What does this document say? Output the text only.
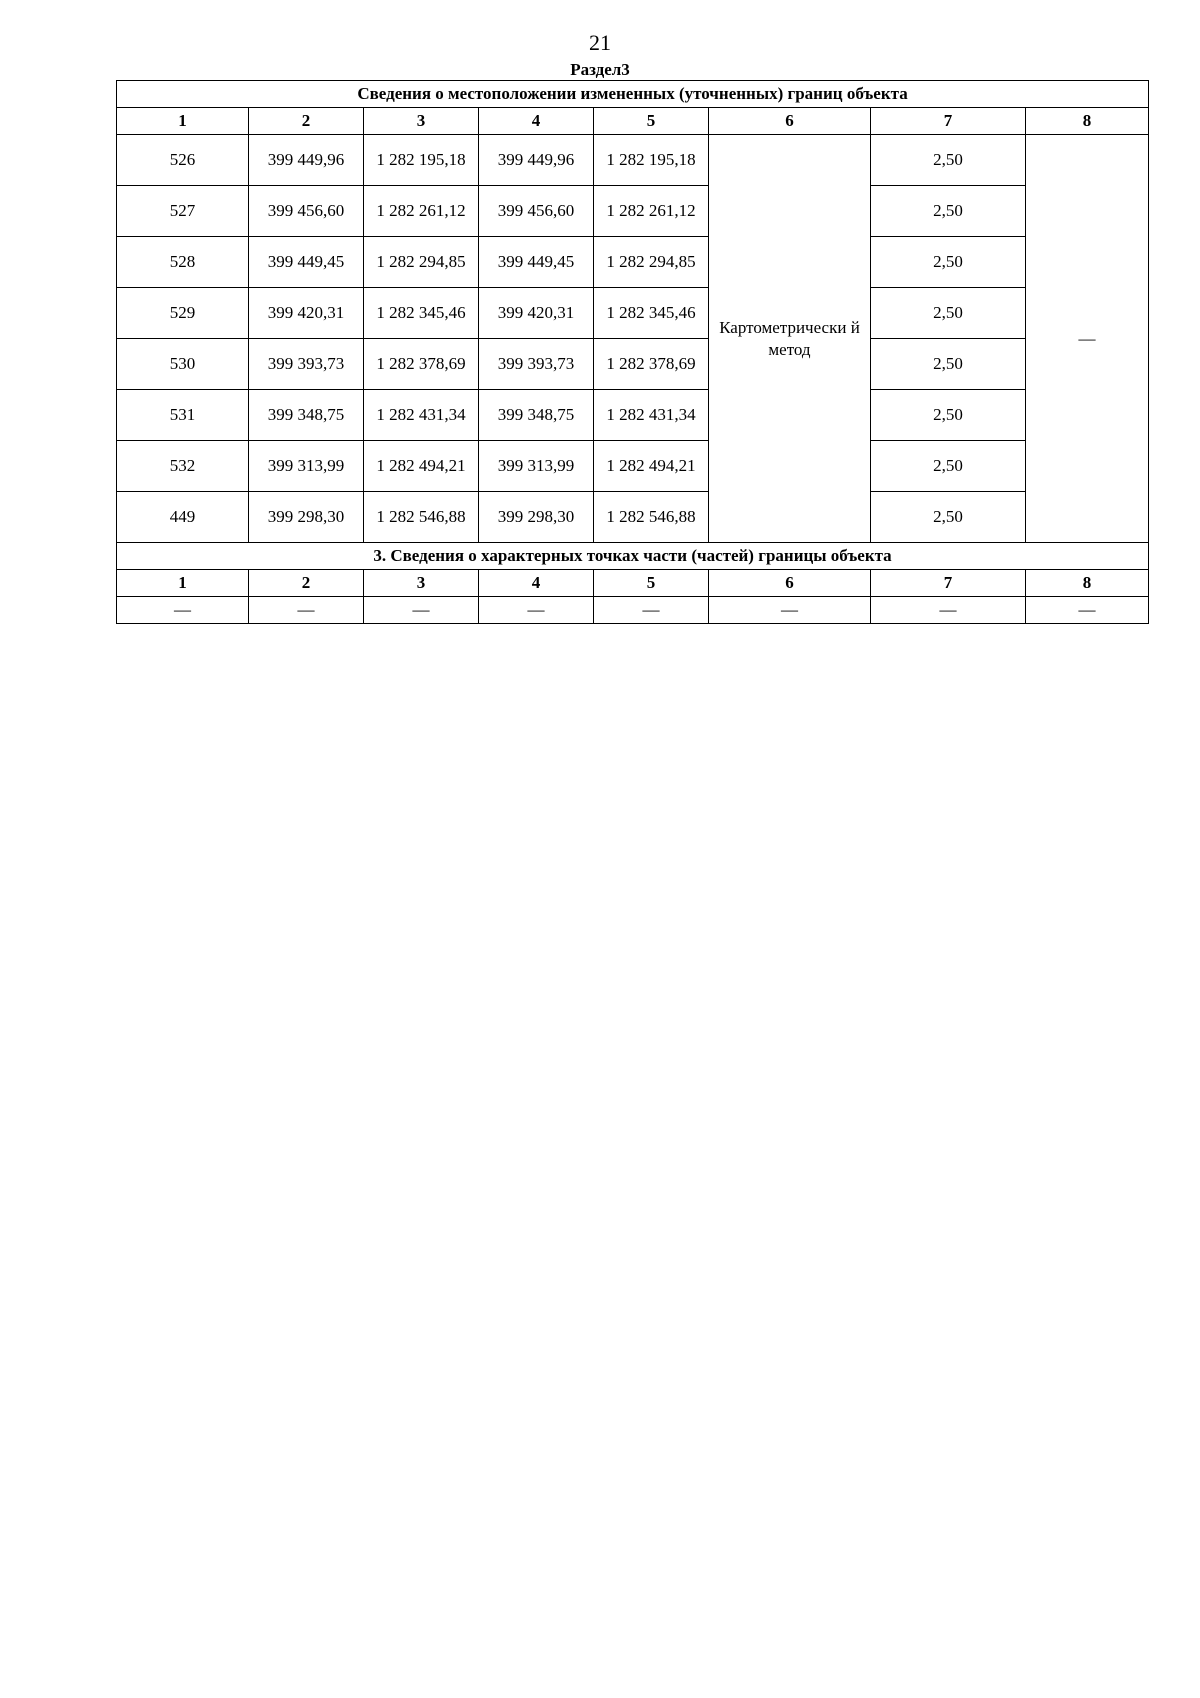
21
Раздел3
Сведения о местоположении измененных (уточненных) границ объекта							
1	2	3	4	5	6	7	8
526	399 449,96	1 282 195,18	399 449,96	1 282 195,18	Картометрически й метод	2,50	—
527	399 456,60	1 282 261,12	399 456,60	1 282 261,12		2,50	
528	399 449,45	1 282 294,85	399 449,45	1 282 294,85		2,50	
529	399 420,31	1 282 345,46	399 420,31	1 282 345,46		2,50	
530	399 393,73	1 282 378,69	399 393,73	1 282 378,69		2,50	
531	399 348,75	1 282 431,34	399 348,75	1 282 431,34		2,50	
532	399 313,99	1 282 494,21	399 313,99	1 282 494,21		2,50	
449	399 298,30	1 282 546,88	399 298,30	1 282 546,88		2,50	
3. Сведения о характерных точках части (частей) границы объекта							
1	2	3	4	5	6	7	8
—	—	—	—	—	—	—	—
